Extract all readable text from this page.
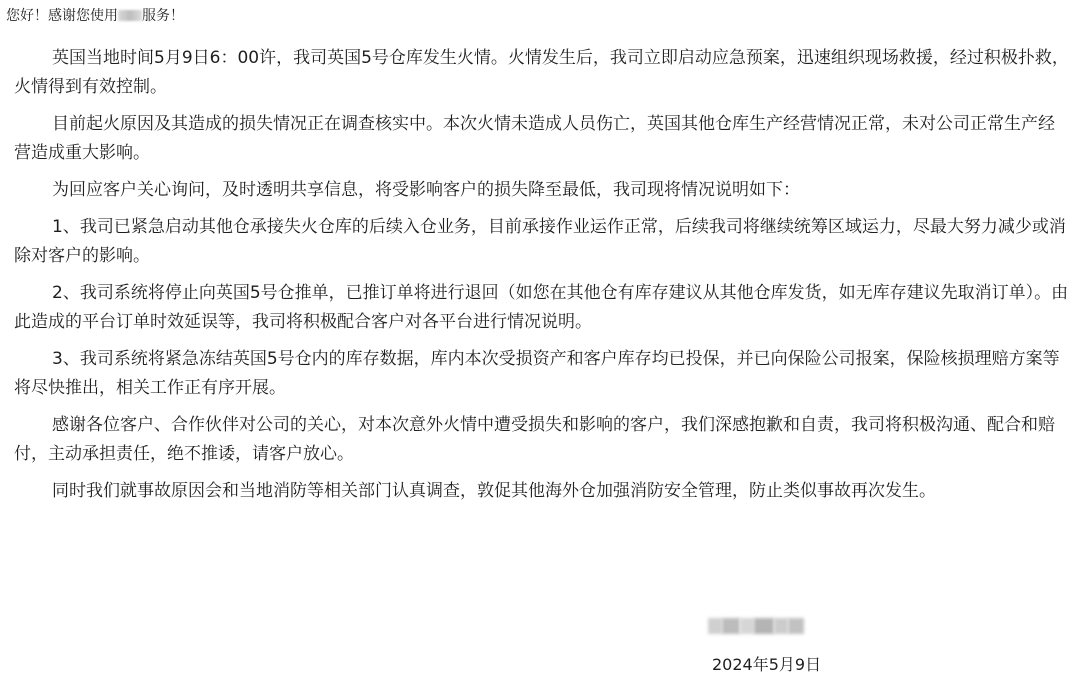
您好！感谢您使用 服务！

英国当地时间5月9日6：00许，我司英国5号仓库发生火情。火情发生后，我司立即启动应急预案，迅速组织现场救援，经过积极扑救，火情得到有效控制。

目前起火原因及其造成的损失情况正在调查核实中。本次火情未造成人员伤亡，英国其他仓库生产经营情况正常，未对公司正常生产经营造成重大影响。

为回应客户关心询问，及时透明共享信息，将受影响客户的损失降至最低，我司现将情况说明如下：

1、我司已紧急启动其他仓承接失火仓库的后续入仓业务，目前承接作业运作正常，后续我司将继续统筹区域运力，尽最大努力减少或消除对客户的影响。

2、我司系统将停止向英国5号仓推单，已推订单将进行退回（如您在其他仓有库存建议从其他仓库发货，如无库存建议先取消订单）。由此造成的平台订单时效延误等，我司将积极配合客户对各平台进行情况说明。

3、我司系统将紧急冻结英国5号仓内的库存数据，库内本次受损资产和客户库存均已投保，并已向保险公司报案，保险核损理赔方案等将尽快推出，相关工作正有序开展。

感谢各位客户、合作伙伴对公司的关心，对本次意外火情中遭受损失和影响的客户，我们深感抱歉和自责，我司将积极沟通、配合和赔付，主动承担责任，绝不推诿，请客户放心。

同时我们就事故原因会和当地消防等相关部门认真调查，敦促其他海外仓加强消防安全管理，防止类似事故再次发生。

2024年5月9日
